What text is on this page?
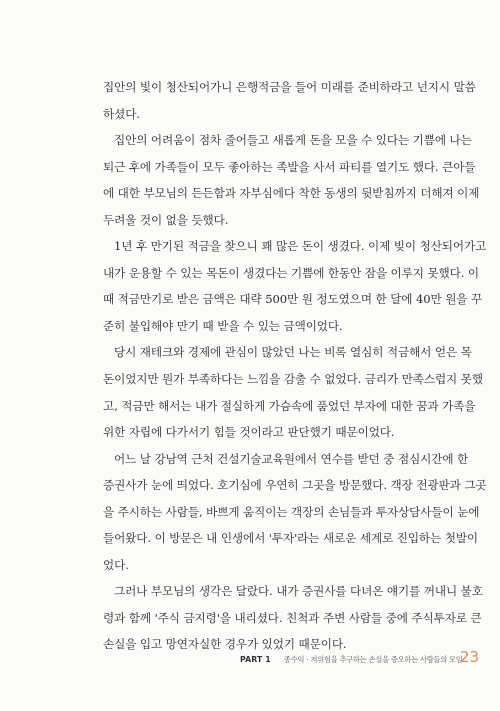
집안의 빛이 청산되어가니 은행적금을 들어 미래를 준비하라고 넌지시 말씀
하셨다.
집안의 어려움이 점차 줄어들고 새롭게 돈을 모을 수 있다는 기쁨에 나는
퇴근 후에 가족들이 모두 좋아하는 족발을 사서 파티를 열기도 했다. 큰아들
에 대한 부모님의 든든함과 자부심에다 착한 동생의 뒷받침까지 더해져 이제
두려울 것이 없을 듯했다.
1년 후 만기된 적금을 찾으니 꽤 많은 돈이 생겼다. 이제 빚이 청산되어가고
내가 운용할 수 있는 목돈이 생겼다는 기쁨에 한동안 잠을 이루지 못했다. 이
때 적금만기로 받은 금액은 대략 500만 원 정도였으며 한 달에 40만 원을 꾸
준히 불입해야 만기 때 받을 수 있는 금액이었다.
당시 재테크와 경제에 관심이 많았던 나는 비록 열심히 적금해서 얻은 목
돈이었지만 뭔가 부족하다는 느낌을 감출 수 없었다. 금리가 만족스럽지 못했
고, 적금만 해서는 내가 절실하게 가슴속에 품었던 부자에 대한 꿈과 가족을
위한 자립에 다가서기 힘들 것이라고 판단했기 때문이었다.
어느 날 강남역 근처 건설기술교육원에서 연수를 받던 중 점심시간에 한
증권사가 눈에 띄었다. 호기심에 우연히 그곳을 방문했다. 객장 전광판과 그곳
을 주시하는 사람들, 바쁘게 움직이는 객장의 손님들과 투자상담사들이 눈에
들어왔다. 이 방문은 내 인생에서 '투자'라는 새로운 세계로 진입하는 첫발이
었다.
그러나 부모님의 생각은 달랐다. 내가 증권사를 다녀온 얘기를 꺼내니 불호
령과 함께 '주식 금지령'을 내리셨다. 친척과 주변 사람들 중에 주식투자로 큰
손실을 입고 망연자실한 경우가 있었기 때문이다.
PART 1 종수익 · 저위험을 추구하는 손실을 증오하는 사람들의 모임
23
